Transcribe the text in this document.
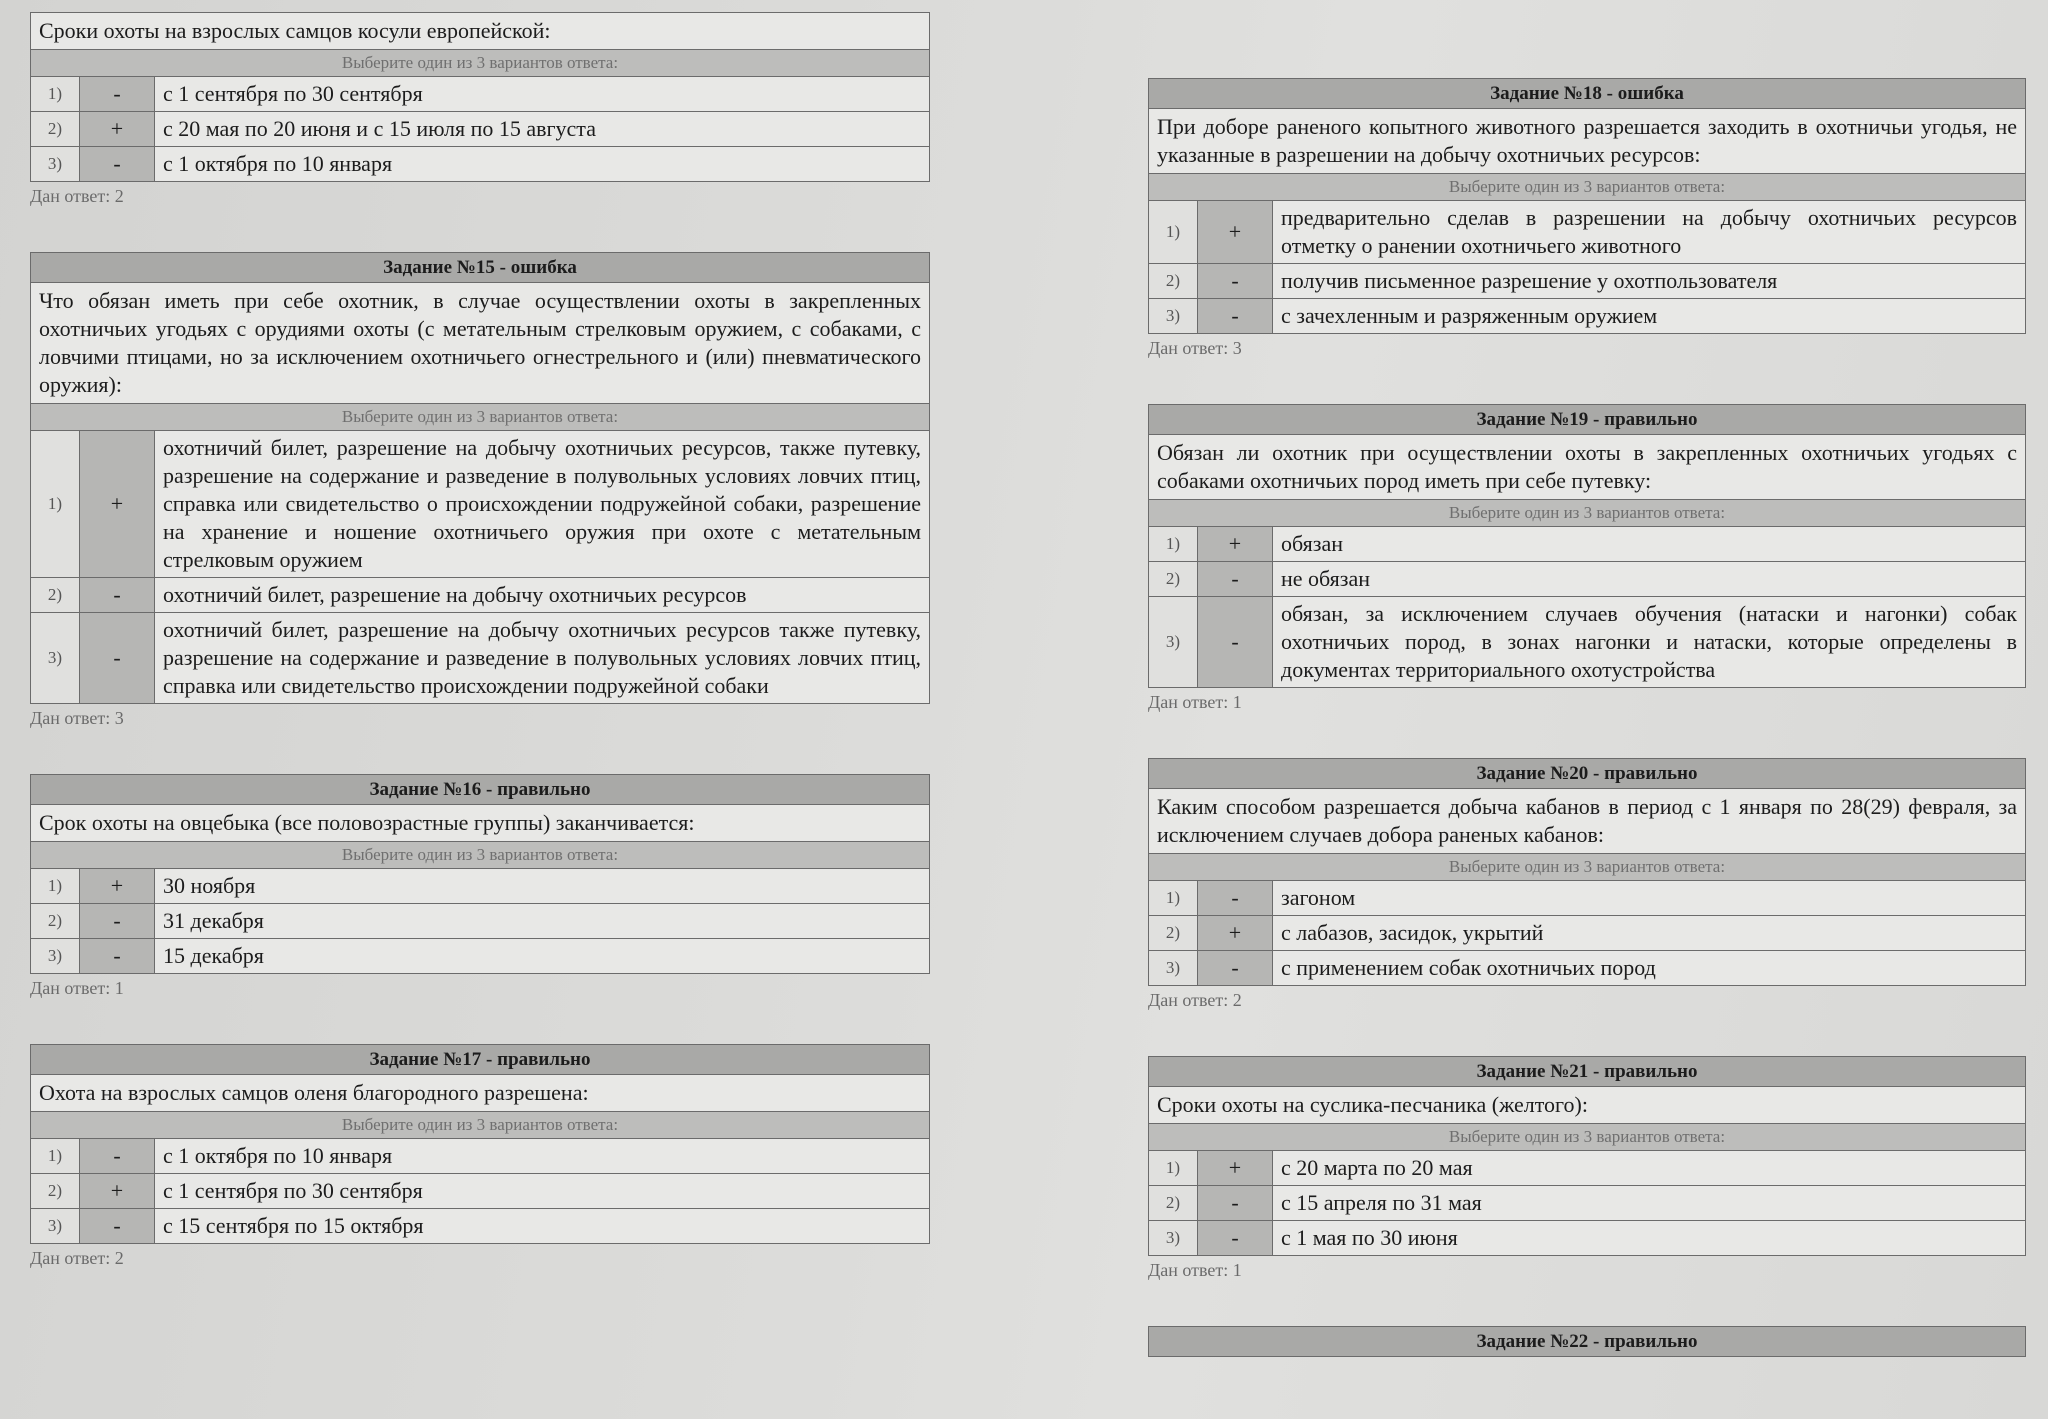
Сроки охоты на взрослых самцов косули европейской:
Выберите один из 3 вариантов ответа:
1)	-	с 1 сентября по 30 сентября
2)	+	с 20 мая по 20 июня и с 15 июля по 15 августа
3)	-	с 1 октября по 10 января
Дан ответ: 2
Задание №15 - ошибка
Что обязан иметь при себе охотник, в случае осуществлении охоты в закрепленных охотничьих угодьях с орудиями охоты (с метательным стрелковым оружием, с собаками, с ловчими птицами, но за исключением охотничьего огнестрельного и (или) пневматического оружия):
Выберите один из 3 вариантов ответа:
1)	+	охотничий билет, разрешение на добычу охотничьих ресурсов, также путевку, разрешение на содержание и разведение в полувольных условиях ловчих птиц, справка или свидетельство о происхождении подружейной собаки, разрешение на хранение и ношение охотничьего оружия при охоте с метательным стрелковым оружием
2)	-	охотничий билет, разрешение на добычу охотничьих ресурсов
3)	-	охотничий билет, разрешение на добычу охотничьих ресурсов также путевку, разрешение на содержание и разведение в полувольных условиях ловчих птиц, справка или свидетельство происхождении подружейной собаки
Дан ответ: 3
Задание №16 - правильно
Срок охоты на овцебыка (все половозрастные группы) заканчивается:
Выберите один из 3 вариантов ответа:
1)	+	30 ноября
2)	-	31 декабря
3)	-	15 декабря
Дан ответ: 1
Задание №17 - правильно
Охота на взрослых самцов оленя благородного разрешена:
Выберите один из 3 вариантов ответа:
1)	-	с 1 октября по 10 января
2)	+	с 1 сентября по 30 сентября
3)	-	с 15 сентября по 15 октября
Дан ответ: 2
Задание №18 - ошибка
При доборе раненого копытного животного разрешается заходить в охотничьи угодья, не указанные в разрешении на добычу охотничьих ресурсов:
Выберите один из 3 вариантов ответа:
1)	+	предварительно сделав в разрешении на добычу охотничьих ресурсов отметку о ранении охотничьего животного
2)	-	получив письменное разрешение у охотпользователя
3)	-	с зачехленным и разряженным оружием
Дан ответ: 3
Задание №19 - правильно
Обязан ли охотник при осуществлении охоты в закрепленных охотничьих угодьях с собаками охотничьих пород иметь при себе путевку:
Выберите один из 3 вариантов ответа:
1)	+	обязан
2)	-	не обязан
3)	-	обязан, за исключением случаев обучения (натаски и нагонки) собак охотничьих пород, в зонах нагонки и натаски, которые определены в документах территориального охотустройства
Дан ответ: 1
Задание №20 - правильно
Каким способом разрешается добыча кабанов в период с 1 января по 28(29) февраля, за исключением случаев добора раненых кабанов:
Выберите один из 3 вариантов ответа:
1)	-	загоном
2)	+	с лабазов, засидок, укрытий
3)	-	с применением собак охотничьих пород
Дан ответ: 2
Задание №21 - правильно
Сроки охоты на суслика-песчаника (желтого):
Выберите один из 3 вариантов ответа:
1)	+	с 20 марта по 20 мая
2)	-	с 15 апреля по 31 мая
3)	-	с 1 мая по 30 июня
Дан ответ: 1
Задание №22 - правильно
